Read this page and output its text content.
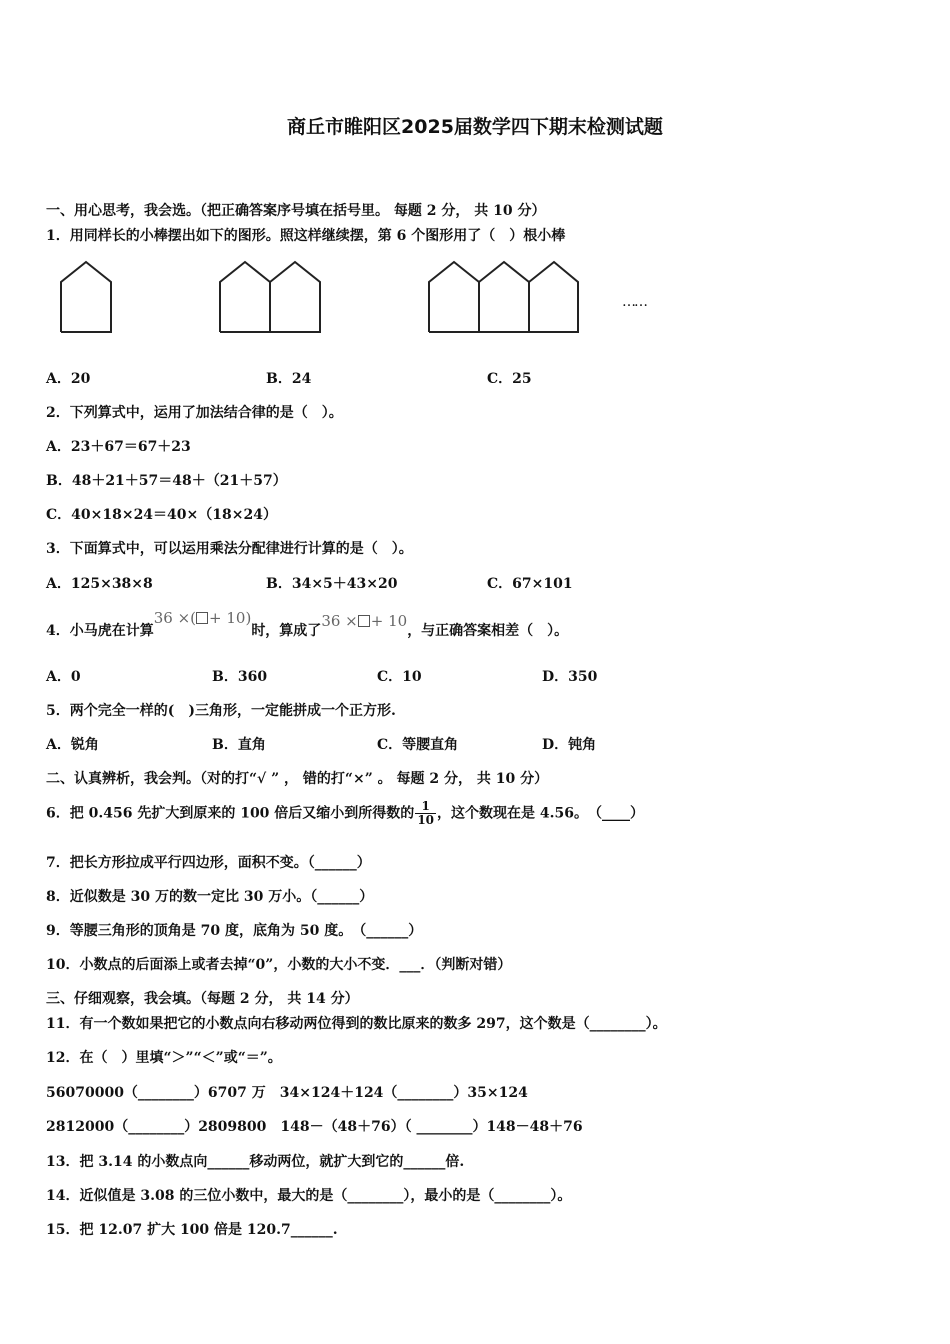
商丘市睢阳区2025届数学四下期末检测试题
一、用心思考，我会选。（把正确答案序号填在括号里。 每题 2 分， 共 10 分）
1．用同样长的小棒摆出如下的图形。照这样继续摆，第 6 个图形用了（　）根小棒
……
A．20	B．24	C．25
2．下列算式中，运用了加法结合律的是（　）。
A．23＋67＝67＋23
B．48＋21＋57＝48＋（21＋57）
C．40×18×24＝40×（18×24）
3．下面算式中，可以运用乘法分配律进行计算的是（　）。
A．125×38×8	B．34×5＋43×20	C．67×101
4．小马虎在计算36 ×( + 10)时，算成了36 × + 10，与正确答案相差（　）。
A．0	B．360	C．10	D．350
5．两个完全一样的(　)三角形，一定能拼成一个正方形.
A．锐角	B．直角	C．等腰直角	D．钝角
二、认真辨析，我会判。（对的打“√ ” ， 错的打“×” 。 每题 2 分， 共 10 分）
6．把 0.456 先扩大到原来的 100 倍后又缩小到所得数的 $\frac{1}{10}$ ，这个数现在是 4.56。　（____）
7．把长方形拉成平行四边形，面积不变。（______）
8．近似数是 30 万的数一定比 30 万小。（______）
9．等腰三角形的顶角是 70 度，底角为 50 度。　（______）
10．小数点的后面添上或者去掉“0”，小数的大小不变．___．（判断对错）
三、仔细观察，我会填。（每题 2 分， 共 14 分）
11．有一个数如果把它的小数点向右移动两位得到的数比原来的数多 297，这个数是（________）。
12．在（　）里填“＞”“＜”或“＝”。
56070000（________）6707 万　34×124＋124（________）35×124
2812000（________）2809800　148－（48＋76）（ ________）148－48＋76
13．把 3.14 的小数点向______移动两位，就扩大到它的______倍.
14．近似值是 3.08 的三位小数中，最大的是（________），最小的是（________）。
15．把 12.07 扩大 100 倍是 120.7______.
